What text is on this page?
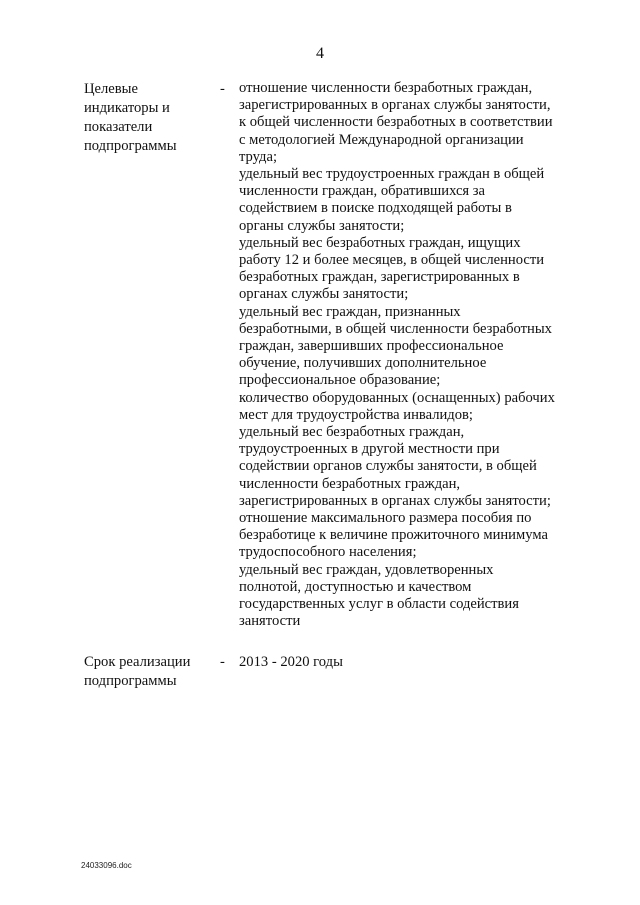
4
Целевые
индикаторы и
показатели
подпрограммы
- отношение численности безработных граждан,
зарегистрированных в органах службы занятости,
к общей численности безработных в соответствии
с методологией Международной организации
труда;
удельный вес трудоустроенных граждан в общей
численности граждан, обратившихся за
содействием в поиске подходящей работы в
органы службы занятости;
удельный вес безработных граждан, ищущих
работу 12 и более месяцев, в общей численности
безработных граждан, зарегистрированных в
органах службы занятости;
удельный вес граждан, признанных
безработными, в общей численности безработных
граждан, завершивших профессиональное
обучение, получивших дополнительное
профессиональное образование;
количество оборудованных (оснащенных) рабочих
мест для трудоустройства инвалидов;
удельный вес безработных граждан,
трудоустроенных в другой местности при
содействии органов службы занятости, в общей
численности безработных граждан,
зарегистрированных в органах службы занятости;
отношение максимального размера пособия по
безработице к величине прожиточного минимума
трудоспособного населения;
удельный вес граждан, удовлетворенных
полнотой, доступностью и качеством
государственных услуг в области содействия
занятости
Срок реализации
подпрограммы
- 2013 - 2020 годы
24033096.doc
